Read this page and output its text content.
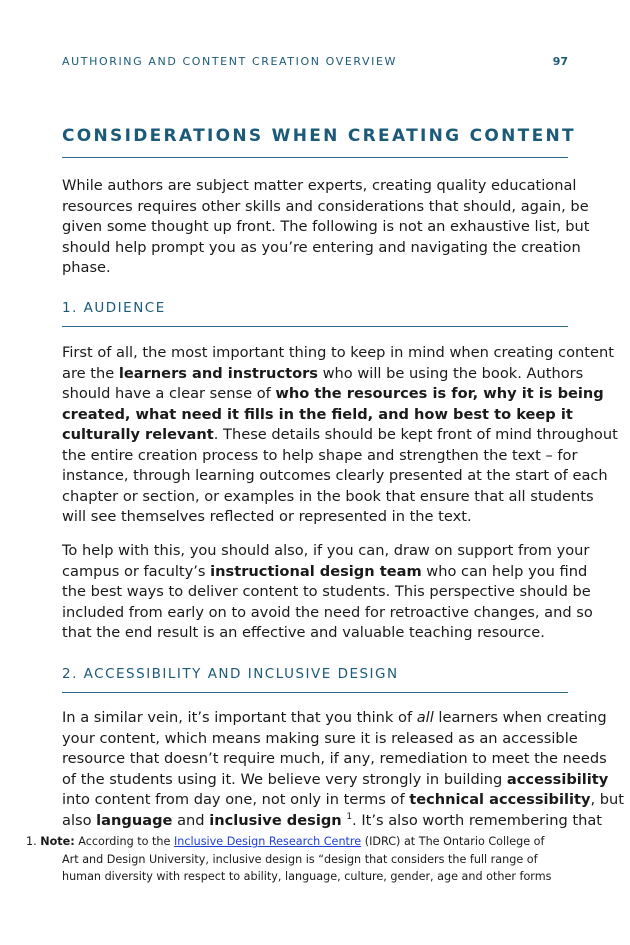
AUTHORING AND CONTENT CREATION OVERVIEW	97
CONSIDERATIONS WHEN CREATING CONTENT
While authors are subject matter experts, creating quality educational
resources requires other skills and considerations that should, again, be
given some thought up front. The following is not an exhaustive list, but
should help prompt you as you’re entering and navigating the creation
phase.
1. AUDIENCE
First of all, the most important thing to keep in mind when creating content
are the learners and instructors who will be using the book. Authors
should have a clear sense of who the resources is for, why it is being
created, what need it fills in the field, and how best to keep it
culturally relevant. These details should be kept front of mind throughout
the entire creation process to help shape and strengthen the text – for
instance, through learning outcomes clearly presented at the start of each
chapter or section, or examples in the book that ensure that all students
will see themselves reflected or represented in the text.
To help with this, you should also, if you can, draw on support from your
campus or faculty’s instructional design team who can help you find
the best ways to deliver content to students. This perspective should be
included from early on to avoid the need for retroactive changes, and so
that the end result is an effective and valuable teaching resource.
2. ACCESSIBILITY AND INCLUSIVE DESIGN
In a similar vein, it’s important that you think of all learners when creating
your content, which means making sure it is released as an accessible
resource that doesn’t require much, if any, remediation to meet the needs
of the students using it. We believe very strongly in building accessibility
into content from day one, not only in terms of technical accessibility, but
also language and inclusive design $^1$. It’s also worth remembering that
1. Note: According to the Inclusive Design Research Centre (IDRC) at The Ontario College of
Art and Design University, inclusive design is “design that considers the full range of
human diversity with respect to ability, language, culture, gender, age and other forms
